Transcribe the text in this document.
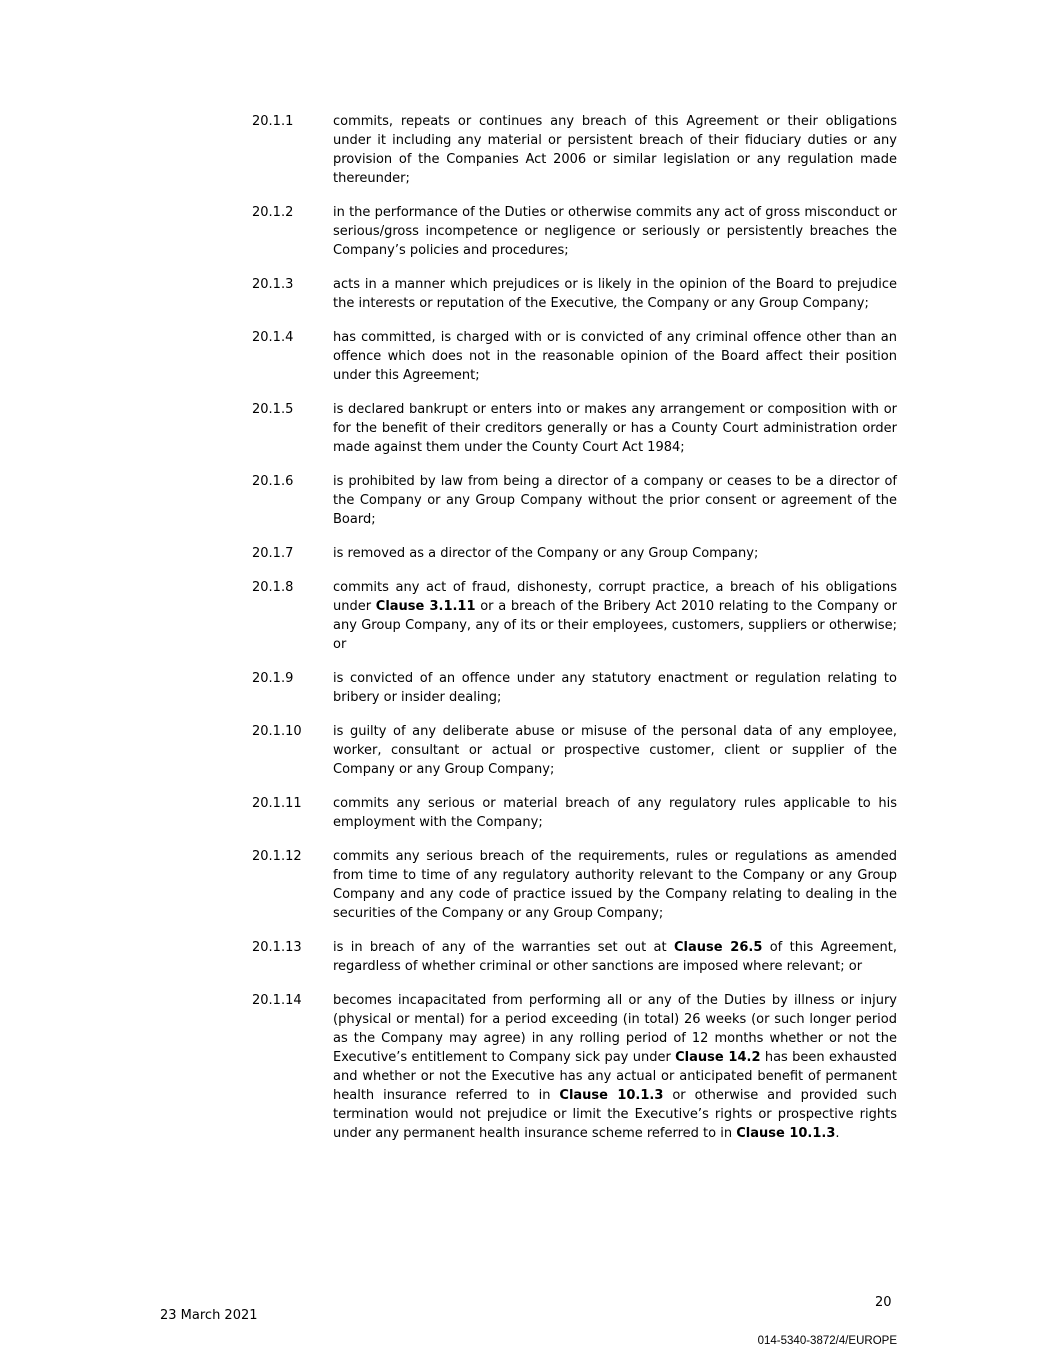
20.1.1	commits, repeats or continues any breach of this Agreement or their obligations under it including any material or persistent breach of their fiduciary duties or any provision of the Companies Act 2006 or similar legislation or any regulation made thereunder;
20.1.2	in the performance of the Duties or otherwise commits any act of gross misconduct or serious/gross incompetence or negligence or seriously or persistently breaches the Company’s policies and procedures;
20.1.3	acts in a manner which prejudices or is likely in the opinion of the Board to prejudice the interests or reputation of the Executive, the Company or any Group Company;
20.1.4	has committed, is charged with or is convicted of any criminal offence other than an offence which does not in the reasonable opinion of the Board affect their position under this Agreement;
20.1.5	is declared bankrupt or enters into or makes any arrangement or composition with or for the benefit of their creditors generally or has a County Court administration order made against them under the County Court Act 1984;
20.1.6	is prohibited by law from being a director of a company or ceases to be a director of the Company or any Group Company without the prior consent or agreement of the Board;
20.1.7	is removed as a director of the Company or any Group Company;
20.1.8	commits any act of fraud, dishonesty, corrupt practice, a breach of his obligations under Clause 3.1.11 or a breach of the Bribery Act 2010 relating to the Company or any Group Company, any of its or their employees, customers, suppliers or otherwise; or
20.1.9	is convicted of an offence under any statutory enactment or regulation relating to bribery or insider dealing;
20.1.10	is guilty of any deliberate abuse or misuse of the personal data of any employee, worker, consultant or actual or prospective customer, client or supplier of the Company or any Group Company;
20.1.11	commits any serious or material breach of any regulatory rules applicable to his employment with the Company;
20.1.12	commits any serious breach of the requirements, rules or regulations as amended from time to time of any regulatory authority relevant to the Company or any Group Company and any code of practice issued by the Company relating to dealing in the securities of the Company or any Group Company;
20.1.13	is in breach of any of the warranties set out at Clause 26.5 of this Agreement, regardless of whether criminal or other sanctions are imposed where relevant; or
20.1.14	becomes incapacitated from performing all or any of the Duties by illness or injury (physical or mental) for a period exceeding (in total) 26 weeks (or such longer period as the Company may agree) in any rolling period of 12 months whether or not the Executive’s entitlement to Company sick pay under Clause 14.2 has been exhausted and whether or not the Executive has any actual or anticipated benefit of permanent health insurance referred to in Clause 10.1.3 or otherwise and provided such termination would not prejudice or limit the Executive’s rights or prospective rights under any permanent health insurance scheme referred to in Clause 10.1.3.
23 March 2021
20
014-5340-3872/4/EUROPE
